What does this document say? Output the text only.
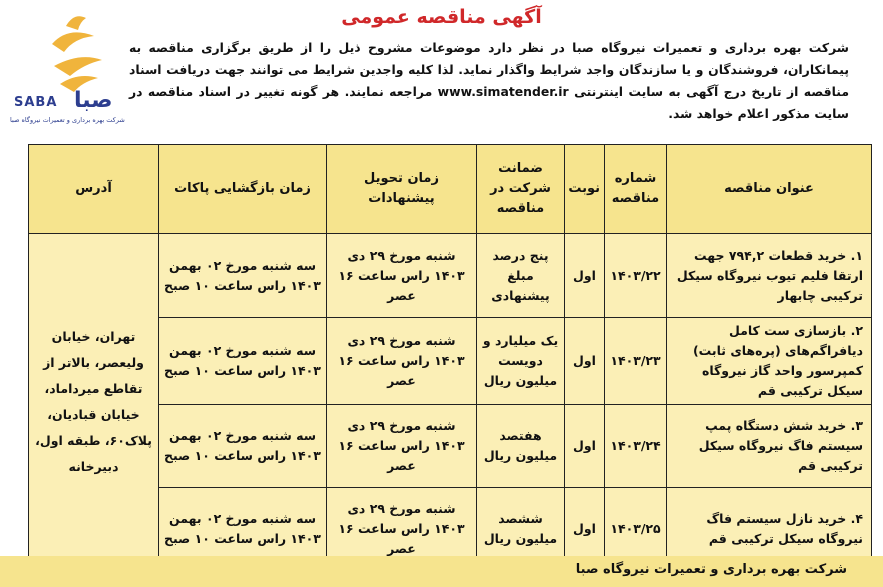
SABA صبا
شرکت بهره برداری و تعمیرات نیروگاه صبا
آگهی مناقصه عمومی
شرکت بهره برداری و تعمیرات نیروگاه صبا در نظر دارد موضوعات مشروح ذیل را از طریق برگزاری مناقصه به پیمانکاران، فروشندگان و یا سازندگان واجد شرایط واگذار نماید. لذا کلیه واجدین شرایط می توانند جهت دریافت اسناد مناقصه از تاریخ درج آگهی به سایت اینترنتی www.simatender.ir مراجعه نمایند. هر گونه تغییر در اسناد مناقصه در سایت مذکور اعلام خواهد شد.
عنوان مناقصه	شماره مناقصه	نوبت	ضمانت شرکت در مناقصه	زمان تحویل پیشنهادات	زمان بازگشایی پاکات	آدرس
۱. خرید قطعات ۷۹۴,۲ جهت ارتقا فلیم تیوب نیروگاه سیکل ترکیبی چابهار	۱۴۰۳/۲۲	اول	پنج درصد مبلغ پیشنهادی	شنبه مورخ ۲۹ دی ۱۴۰۳ راس ساعت ۱۶ عصر	سه شنبه مورخ ۰۲ بهمن ۱۴۰۳ راس ساعت ۱۰ صبح	تهران، خیابان ولیعصر، بالاتر از تقاطع میرداماد، خیابان قبادیان، پلاک۶۰، طبقه اول، دبیرخانه
۲. بازسازی ست کامل دیافراگم‌های (پره‌های ثابت) کمپرسور واحد گاز نیروگاه سیکل ترکیبی قم	۱۴۰۳/۲۳	اول	یک میلیارد و دویست میلیون ریال	شنبه مورخ ۲۹ دی ۱۴۰۳ راس ساعت ۱۶ عصر	سه شنبه مورخ ۰۲ بهمن ۱۴۰۳ راس ساعت ۱۰ صبح	
۳. خرید شش دستگاه پمپ سیستم فاگ نیروگاه سیکل ترکیبی قم	۱۴۰۳/۲۴	اول	هفتصد میلیون ریال	شنبه مورخ ۲۹ دی ۱۴۰۳ راس ساعت ۱۶ عصر	سه شنبه مورخ ۰۲ بهمن ۱۴۰۳ راس ساعت ۱۰ صبح	
۴. خرید نازل سیستم فاگ نیروگاه سیکل ترکیبی قم	۱۴۰۳/۲۵	اول	ششصد میلیون ریال	شنبه مورخ ۲۹ دی ۱۴۰۳ راس ساعت ۱۶ عصر	سه شنبه مورخ ۰۲ بهمن ۱۴۰۳ راس ساعت ۱۰ صبح	
شرکت بهره برداری و تعمیرات نیروگاه صبا
